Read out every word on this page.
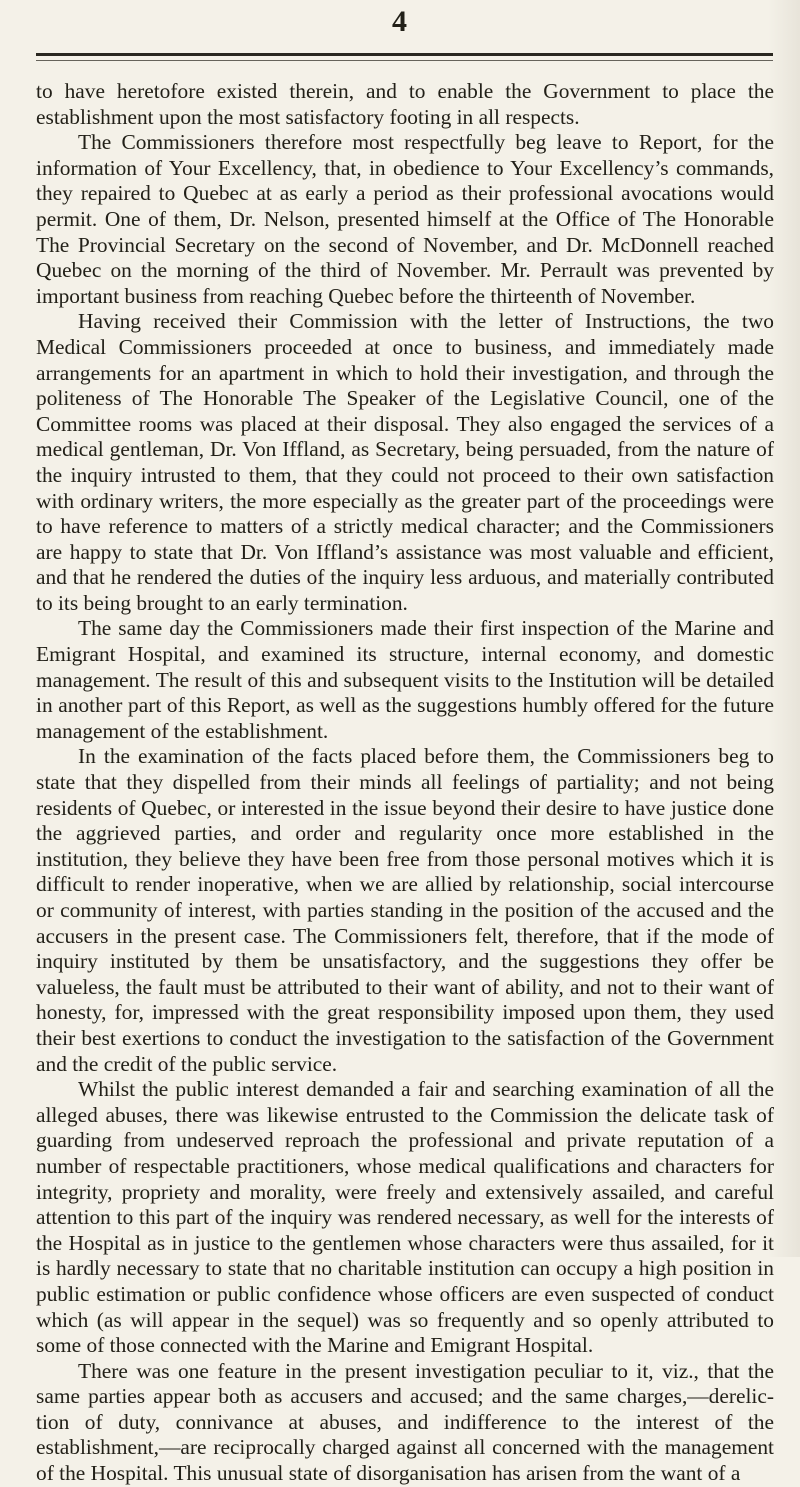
4

to have heretofore existed therein, and to enable the Government to place the establishment upon the most satisfactory footing in all respects.

The Commissioners therefore most respectfully beg leave to Report, for the information of Your Excellency, that, in obedience to Your Excellency’s commands, they repaired to Quebec at as early a period as their professional avocations would permit. One of them, Dr. Nelson, presented himself at the Office of The Honorable The Provincial Secretary on the second of November, and Dr. McDonnell reached Quebec on the morning of the third of November. Mr. Perrault was prevented by important business from reaching Quebec before the thirteenth of November.

Having received their Commission with the letter of Instructions, the two Medical Commissioners proceeded at once to business, and immediately made arrangements for an apartment in which to hold their investigation, and through the politeness of The Honorable The Speaker of the Legislative Council, one of the Committee rooms was placed at their disposal. They also engaged the services of a medical gentleman, Dr. Von Iffland, as Secretary, being persuaded, from the nature of the inquiry intrusted to them, that they could not proceed to their own satisfaction with ordinary writers, the more especially as the greater part of the proceedings were to have reference to matters of a strictly medical character; and the Commissioners are happy to state that Dr. Von Iffland’s assistance was most valuable and efficient, and that he rendered the duties of the inquiry less arduous, and materially contributed to its being brought to an early termination.

The same day the Commissioners made their first inspection of the Marine and Emigrant Hospital, and examined its structure, internal economy, and domestic management. The result of this and subsequent visits to the Institution will be detailed in another part of this Report, as well as the suggestions humbly offered for the future management of the establishment.

In the examination of the facts placed before them, the Commissioners beg to state that they dispelled from their minds all feelings of partiality; and not being residents of Quebec, or interested in the issue beyond their desire to have justice done the aggrieved parties, and order and regularity once more established in the institution, they believe they have been free from those personal motives which it is difficult to render inoperative, when we are allied by relationship, social intercourse or community of interest, with parties standing in the position of the accused and the accusers in the present case. The Commissioners felt, therefore, that if the mode of inquiry instituted by them be unsatisfactory, and the suggestions they offer be valueless, the fault must be attributed to their want of ability, and not to their want of honesty, for, impressed with the great responsibility imposed upon them, they used their best exertions to conduct the investigation to the satisfaction of the Government and the credit of the public service.

Whilst the public interest demanded a fair and searching examination of all the alleged abuses, there was likewise entrusted to the Commission the delicate task of guarding from undeserved reproach the professional and private reputation of a number of respectable practitioners, whose medical qualifications and characters for integrity, propriety and morality, were freely and extensively assailed, and careful attention to this part of the inquiry was rendered necessary, as well for the interests of the Hospital as in justice to the gentlemen whose characters were thus assailed, for it is hardly necessary to state that no charitable institution can occupy a high position in public estimation or public confidence whose officers are even suspected of conduct which (as will appear in the sequel) was so frequently and so openly attributed to some of those connected with the Marine and Emigrant Hospital.

There was one feature in the present investigation peculiar to it, viz., that the same parties appear both as accusers and accused; and the same charges,—derelic-tion of duty, connivance at abuses, and indifference to the interest of the establishment,—are reciprocally charged against all concerned with the management of the Hospital. This unusual state of disorganisation has arisen from the want of a
